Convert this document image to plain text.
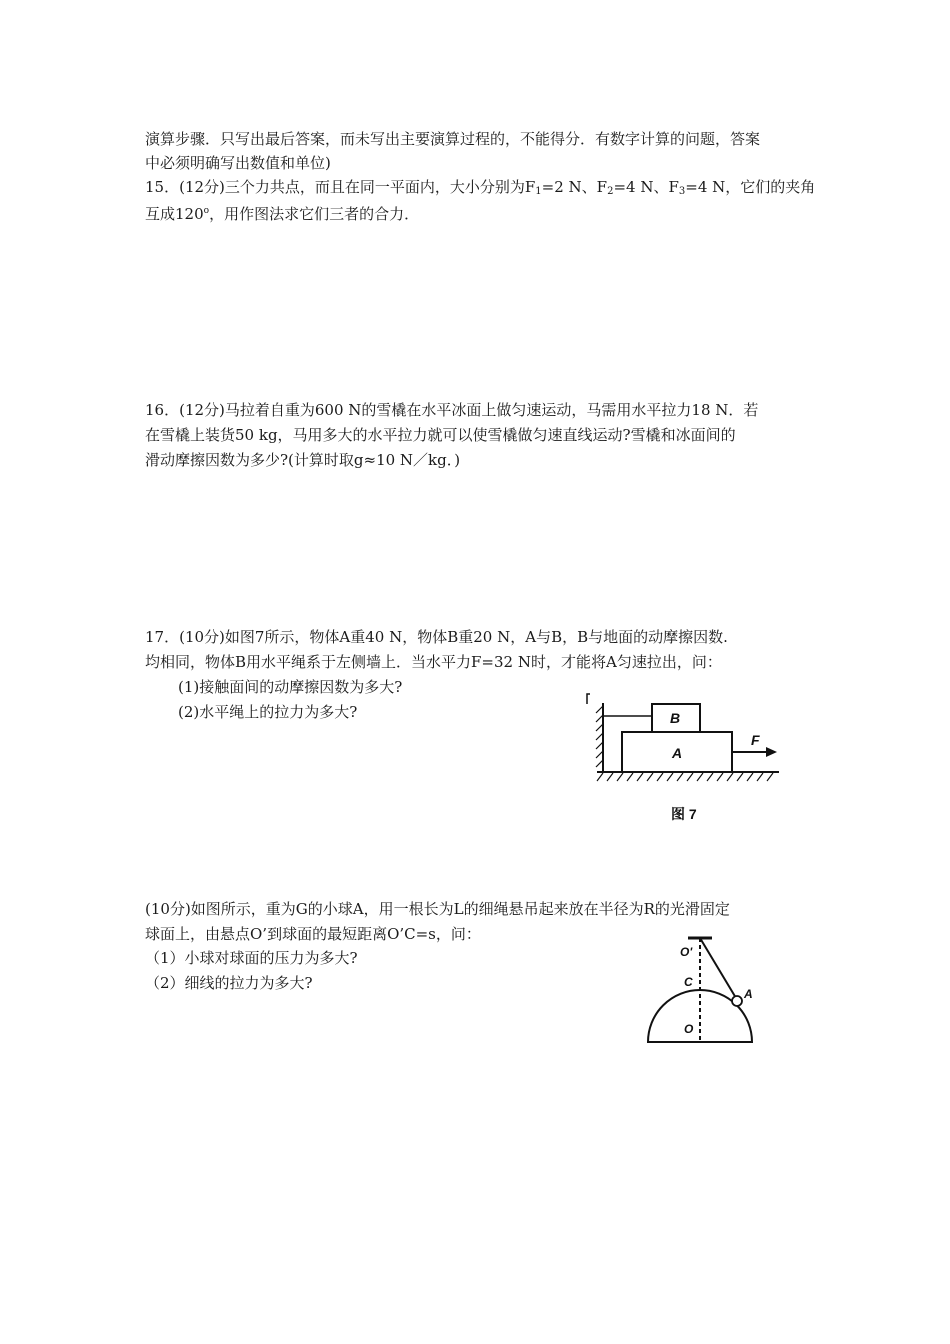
演算步骤．只写出最后答案，而未写出主要演算过程的，不能得分．有数字计算的问题，答案
中必须明确写出数值和单位)
15．(12分)三个力共点，而且在同一平面内，大小分别为$F_1=2$ N、$F_2=4$ N、$F_3=4$ N，它们的夹角
互成120$^o$，用作图法求它们三者的合力．
16．(12分)马拉着自重为600 N的雪橇在水平冰面上做匀速运动，马需用水平拉力18 N．若
在雪橇上装货50 kg，马用多大的水平拉力就可以使雪橇做匀速直线运动?雪橇和冰面间的
滑动摩擦因数为多少?(计算时取g≈10 N／kg．)
17．(10分)如图7所示，物体A重40 N，物体B重20 N，A与B，B与地面的动摩擦因数.
均相同，物体B用水平绳系于左侧墙上．当水平力F=32 N时，才能将A匀速拉出，问：
(1)接触面间的动摩擦因数为多大?
(2)水平绳上的拉力为多大?	B
A
F
图 7
(10分)如图所示，重为G的小球A，用一根长为L的细绳悬吊起来放在半径为R的光滑固定
球面上，由悬点O’到球面的最短距离O’C=s，问：
（1）小球对球面的压力为多大?
（2）细线的拉力为多大?
O'
C
A
O
